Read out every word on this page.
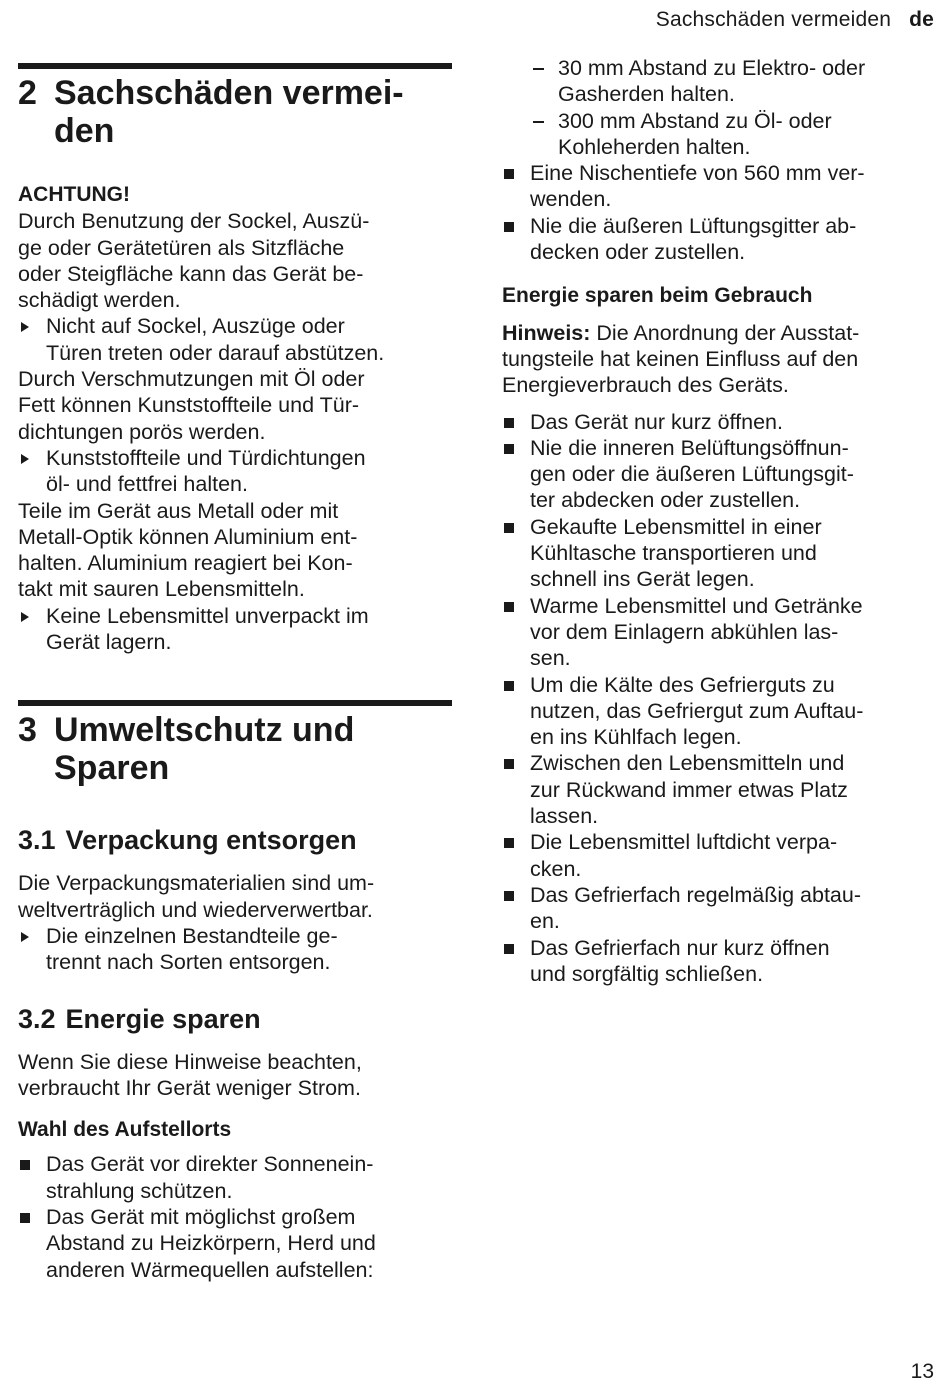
Sachschäden vermeiden de
2 Sachschäden vermei-
den

ACHTUNG!

Durch Benutzung der Sockel, Auszü-
ge oder Gerätetüren als Sitzfläche
oder Steigfläche kann das Gerät be-
schädigt werden.

Nicht auf Sockel, Auszüge oder
Türen treten oder darauf abstützen.

Durch Verschmutzungen mit Öl oder
Fett können Kunststoffteile und Tür-
dichtungen porös werden.

Kunststoffteile und Türdichtungen
öl- und fettfrei halten.

Teile im Gerät aus Metall oder mit
Metall-Optik können Aluminium ent-
halten. Aluminium reagiert bei Kon-
takt mit sauren Lebensmitteln.

Keine Lebensmittel unverpackt im
Gerät lagern.
3 Umweltschutz und
Sparen
3.1 Verpackung entsorgen

Die Verpackungsmaterialien sind um-
weltverträglich und wiederverwertbar.

Die einzelnen Bestandteile ge-
trennt nach Sorten entsorgen.
3.2 Energie sparen

Wenn Sie diese Hinweise beachten,
verbraucht Ihr Gerät weniger Strom.

Wahl des Aufstellorts

Das Gerät vor direkter Sonnenein-
strahlung schützen.
Das Gerät mit möglichst großem
Abstand zu Heizkörpern, Herd und
anderen Wärmequellen aufstellen:
30 mm Abstand zu Elektro- oder
Gasherden halten.
300 mm Abstand zu Öl- oder
Kohleherden halten.
Eine Nischentiefe von 560 mm ver-
wenden.
Nie die äußeren Lüftungsgitter ab-
decken oder zustellen.

Energie sparen beim Gebrauch

Hinweis: Die Anordnung der Ausstat-
tungsteile hat keinen Einfluss auf den
Energieverbrauch des Geräts.

Das Gerät nur kurz öffnen.
Nie die inneren Belüftungsöffnun-
gen oder die äußeren Lüftungsgit-
ter abdecken oder zustellen.
Gekaufte Lebensmittel in einer
Kühltasche transportieren und
schnell ins Gerät legen.
Warme Lebensmittel und Getränke
vor dem Einlagern abkühlen las-
sen.
Um die Kälte des Gefrierguts zu
nutzen, das Gefriergut zum Auftau-
en ins Kühlfach legen.
Zwischen den Lebensmitteln und
zur Rückwand immer etwas Platz
lassen.
Die Lebensmittel luftdicht verpa-
cken.
Das Gefrierfach regelmäßig abtau-
en.
Das Gefrierfach nur kurz öffnen
und sorgfältig schließen.
13
